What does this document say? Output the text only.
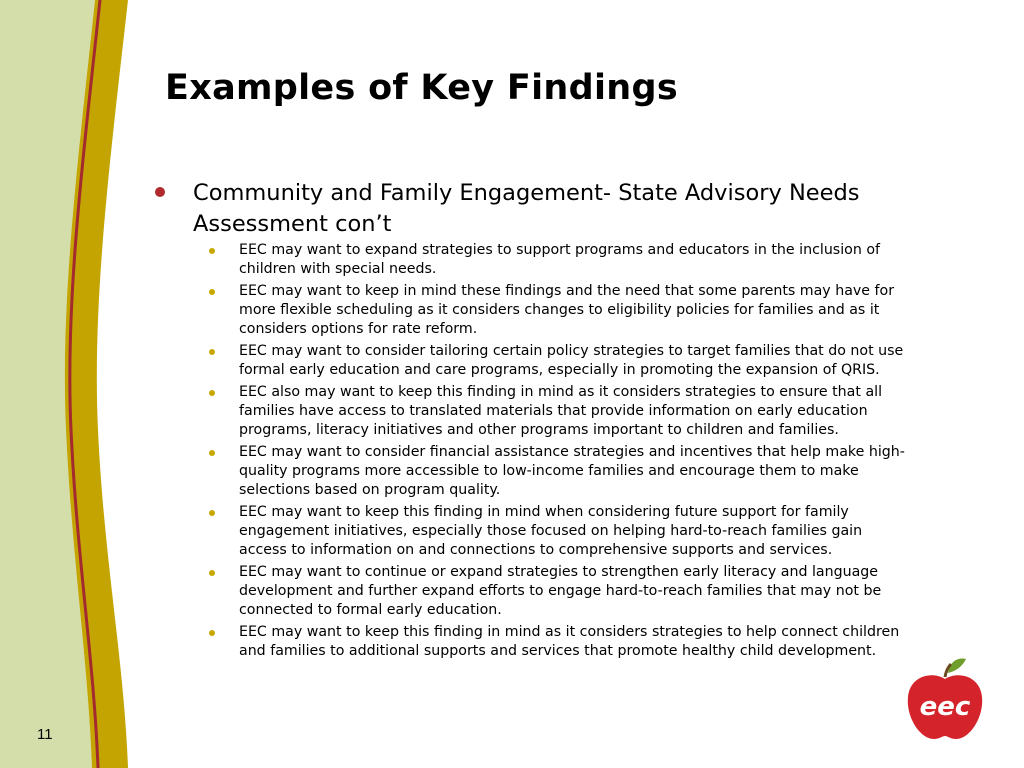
Examples of Key Findings
Community and Family Engagement- State Advisory Needs Assessment con’t
EEC may want to expand strategies to support programs and educators in the inclusion of children with special needs.
EEC may want to keep in mind these findings and the need that some parents may have for more flexible scheduling as it considers changes to eligibility policies for families and as it considers options for rate reform.
EEC may want to consider tailoring certain policy strategies to target families that do not use formal early education and care programs, especially in promoting the expansion of QRIS.
EEC also may want to keep this finding in mind as it considers strategies to ensure that all families have access to translated materials that provide information on early education programs, literacy initiatives and other programs important to children and families.
EEC may want to consider financial assistance strategies and incentives that help make high-quality programs more accessible to low-income families and encourage them to make selections based on program quality.
EEC may want to keep this finding in mind when considering future support for family engagement initiatives, especially those focused on helping hard-to-reach families gain access to information on and connections to comprehensive supports and services.
EEC may want to continue or expand strategies to strengthen early literacy and language development and further expand efforts to engage hard-to-reach families that may not be connected to formal early education.
EEC may want to keep this finding in mind as it considers strategies to help connect children and families to additional supports and services that promote healthy child development.
11
eec
